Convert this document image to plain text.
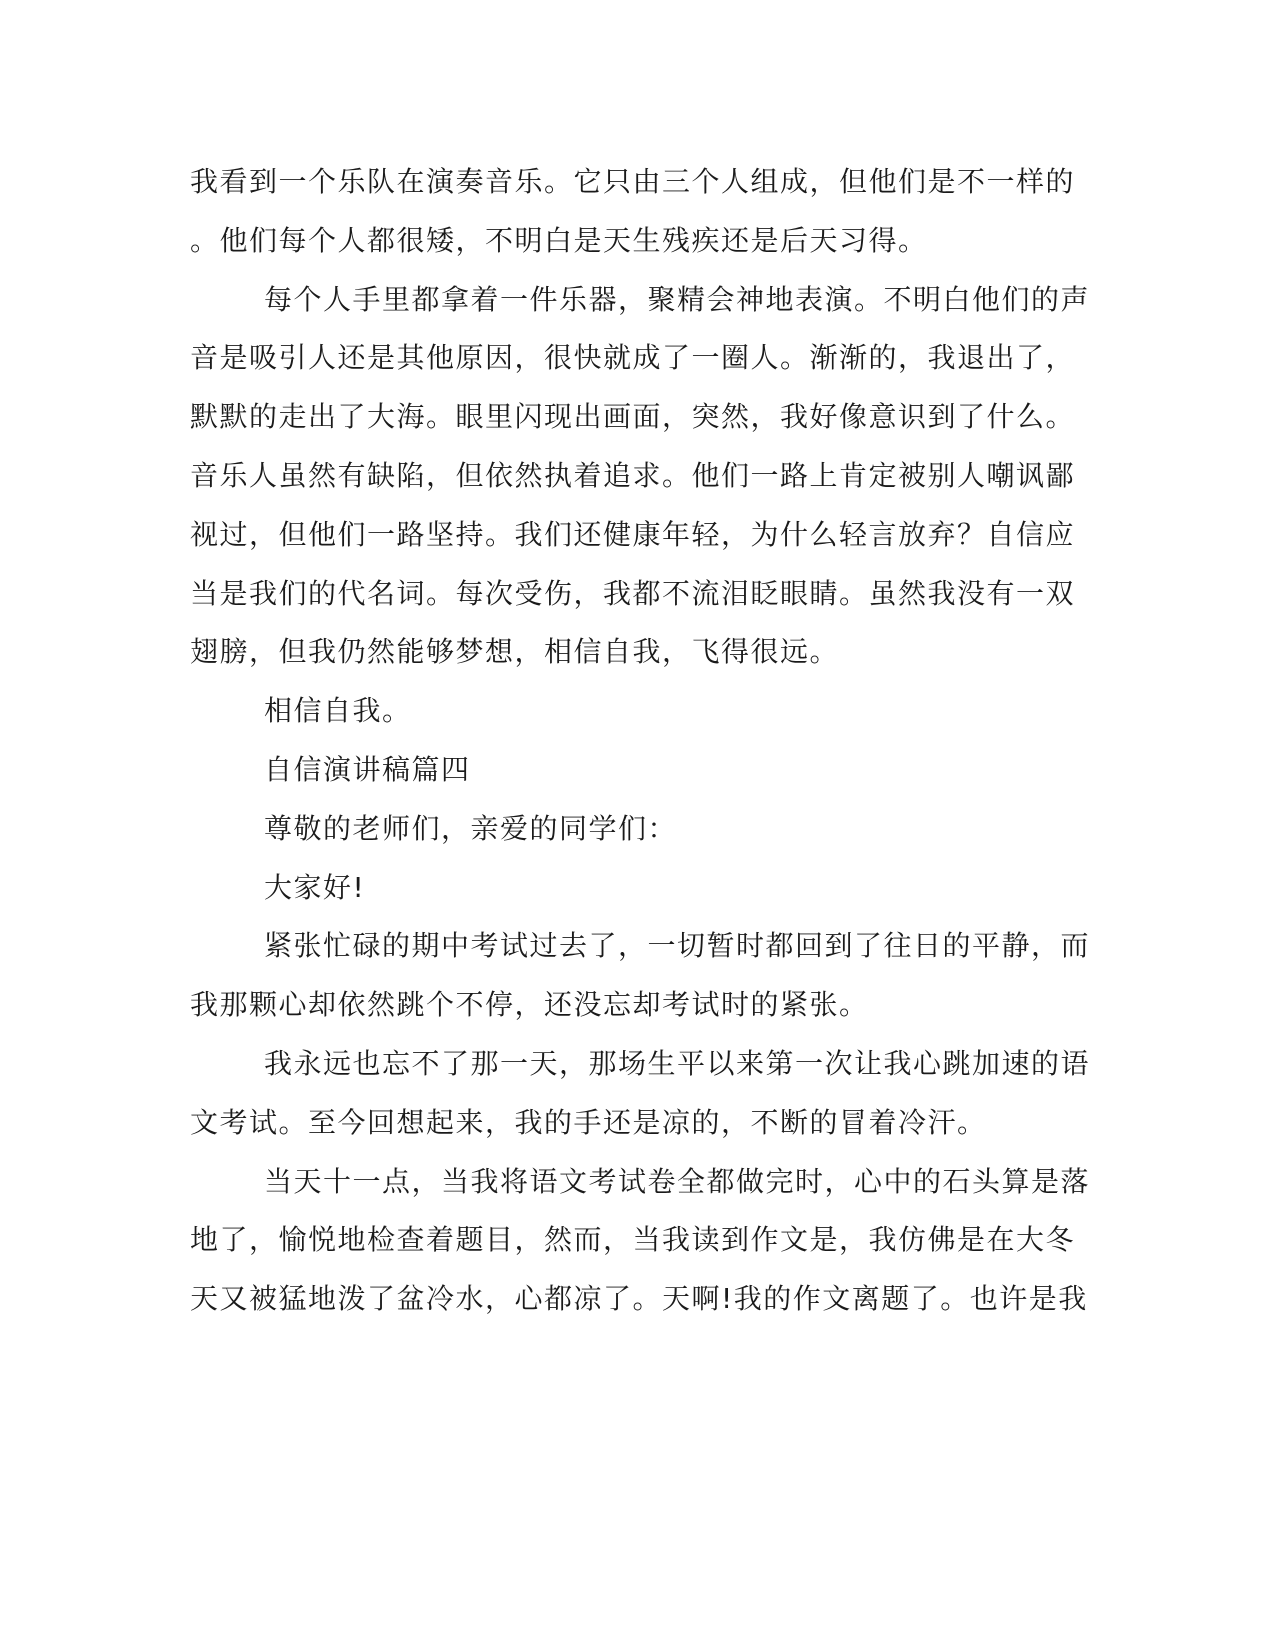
我看到一个乐队在演奏音乐。它只由三个人组成，但他们是不一样的
。他们每个人都很矮，不明白是天生残疾还是后天习得。
每个人手里都拿着一件乐器，聚精会神地表演。不明白他们的声
音是吸引人还是其他原因，很快就成了一圈人。渐渐的，我退出了，
默默的走出了大海。眼里闪现出画面，突然，我好像意识到了什么。
音乐人虽然有缺陷，但依然执着追求。他们一路上肯定被别人嘲讽鄙
视过，但他们一路坚持。我们还健康年轻，为什么轻言放弃？自信应
当是我们的代名词。每次受伤，我都不流泪眨眼睛。虽然我没有一双
翅膀，但我仍然能够梦想，相信自我，飞得很远。
相信自我。
自信演讲稿篇四
尊敬的老师们，亲爱的同学们：
大家好!
紧张忙碌的期中考试过去了，一切暂时都回到了往日的平静，而
我那颗心却依然跳个不停，还没忘却考试时的紧张。
我永远也忘不了那一天，那场生平以来第一次让我心跳加速的语
文考试。至今回想起来，我的手还是凉的，不断的冒着冷汗。
当天十一点，当我将语文考试卷全都做完时，心中的石头算是落
地了，愉悦地检查着题目，然而，当我读到作文是，我仿佛是在大冬
天又被猛地泼了盆冷水，心都凉了。天啊!我的作文离题了。也许是我
